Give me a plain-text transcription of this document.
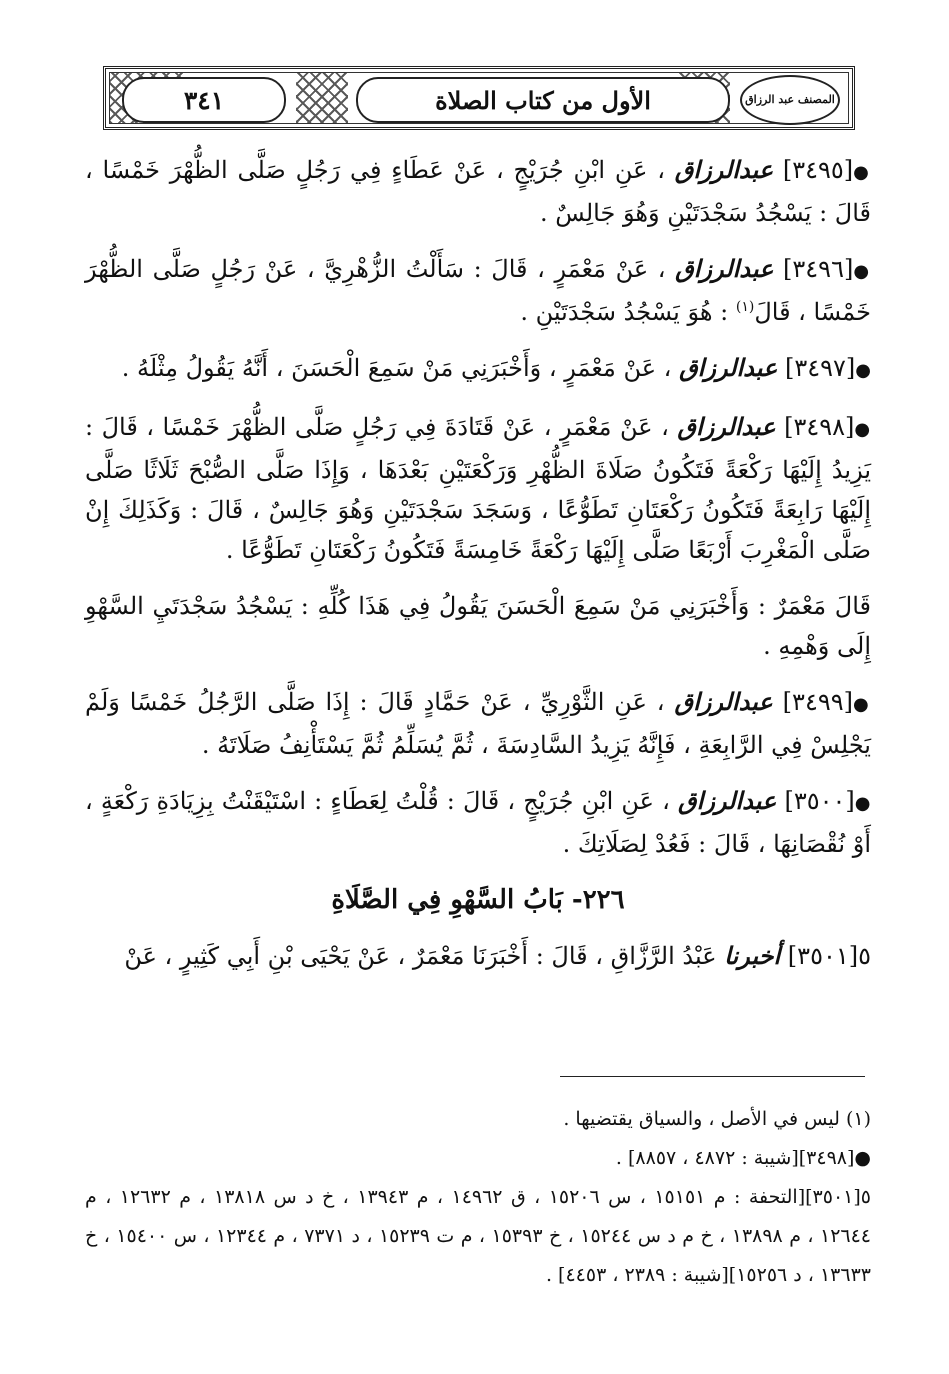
٣٤١	الأول من كتاب الصلاة	المصنف عبد الرزاق

●[٣٤٩٥] عبدالرزاق ، عَنِ ابْنِ جُرَيْجٍ ، عَنْ عَطَاءٍ فِي رَجُلٍ صَلَّى الظُّهْرَ خَمْسًا ، قَالَ : يَسْجُدُ سَجْدَتَيْنِ وَهُوَ جَالِسٌ .

●[٣٤٩٦] عبدالرزاق ، عَنْ مَعْمَرٍ ، قَالَ : سَأَلْتُ الزُّهْرِيَّ ، عَنْ رَجُلٍ صَلَّى الظُّهْرَ خَمْسًا ، قَالَ$^{(١)}$ : هُوَ يَسْجُدُ سَجْدَتَيْنِ .

●[٣٤٩٧] عبدالرزاق ، عَنْ مَعْمَرٍ ، وَأَخْبَرَنِي مَنْ سَمِعَ الْحَسَنَ ، أَنَّهُ يَقُولُ مِثْلَهُ .

●[٣٤٩٨] عبدالرزاق ، عَنْ مَعْمَرٍ ، عَنْ قَتَادَةَ فِي رَجُلٍ صَلَّى الظُّهْرَ خَمْسًا ، قَالَ : يَزِيدُ إِلَيْهَا رَكْعَةً فَتَكُونُ صَلَاةَ الظُّهْرِ وَرَكْعَتَيْنِ بَعْدَهَا ، وَإِذَا صَلَّى الصُّبْحَ ثَلَاثًا صَلَّى إِلَيْهَا رَابِعَةً فَتَكُونُ رَكْعَتَانِ تَطَوُّعًا ، وَسَجَدَ سَجْدَتَيْنِ وَهُوَ جَالِسٌ ، قَالَ : وَكَذَلِكَ إِنْ صَلَّى الْمَغْرِبَ أَرْبَعًا صَلَّى إِلَيْهَا رَكْعَةً خَامِسَةً فَتَكُونُ رَكْعَتَانِ تَطَوُّعًا .

قَالَ مَعْمَرٌ : وَأَخْبَرَنِي مَنْ سَمِعَ الْحَسَنَ يَقُولُ فِي هَذَا كُلِّهِ : يَسْجُدُ سَجْدَتَيِ السَّهْوِ إِلَى وَهْمِهِ .

●[٣٤٩٩] عبدالرزاق ، عَنِ الثَّوْرِيِّ ، عَنْ حَمَّادٍ قَالَ : إِذَا صَلَّى الرَّجُلُ خَمْسًا وَلَمْ يَجْلِسْ فِي الرَّابِعَةِ ، فَإِنَّهُ يَزِيدُ السَّادِسَةَ ، ثُمَّ يُسَلِّمُ ثُمَّ يَسْتَأْنِفُ صَلَاتَهُ .

●[٣٥٠٠] عبدالرزاق ، عَنِ ابْنِ جُرَيْجٍ ، قَالَ : قُلْتُ لِعَطَاءٍ : اسْتَيْقَنْتُ بِزِيَادَةِ رَكْعَةٍ ، أَوْ نُقْصَانِهَا ، قَالَ : فَعُدْ لِصَلَاتِكَ .

٢٢٦- بَابُ السَّهْوِ فِي الصَّلَاةِ

٥[٣٥٠١] أخبرنا عَبْدُ الرَّزَّاقِ ، قَالَ : أَخْبَرَنَا مَعْمَرٌ ، عَنْ يَحْيَى بْنِ أَبِي كَثِيرٍ ، عَنْ

(١) ليس في الأصل ، والسياق يقتضيها .

●[٣٤٩٨][شيبة : ٤٨٧٢ ، ٨٨٥٧] .

٥[٣٥٠١][التحفة : م ١٥١٥١ ، س ١٥٢٠٦ ، ق ١٤٩٦٢ ، م ١٣٩٤٣ ، خ د س ١٣٨١٨ ، م ١٢٦٣٢ ، م ١٢٦٤٤ ، م ١٣٨٩٨ ، خ م د س ١٥٢٤٤ ، خ ١٥٣٩٣ ، م ت ١٥٢٣٩ ، د ٧٣٧١ ، م ١٢٣٤٤ ، س ١٥٤٠٠ ، خ ١٣٦٣٣ ، د ١٥٢٥٦][شيبة : ٢٣٨٩ ، ٤٤٥٣] .
